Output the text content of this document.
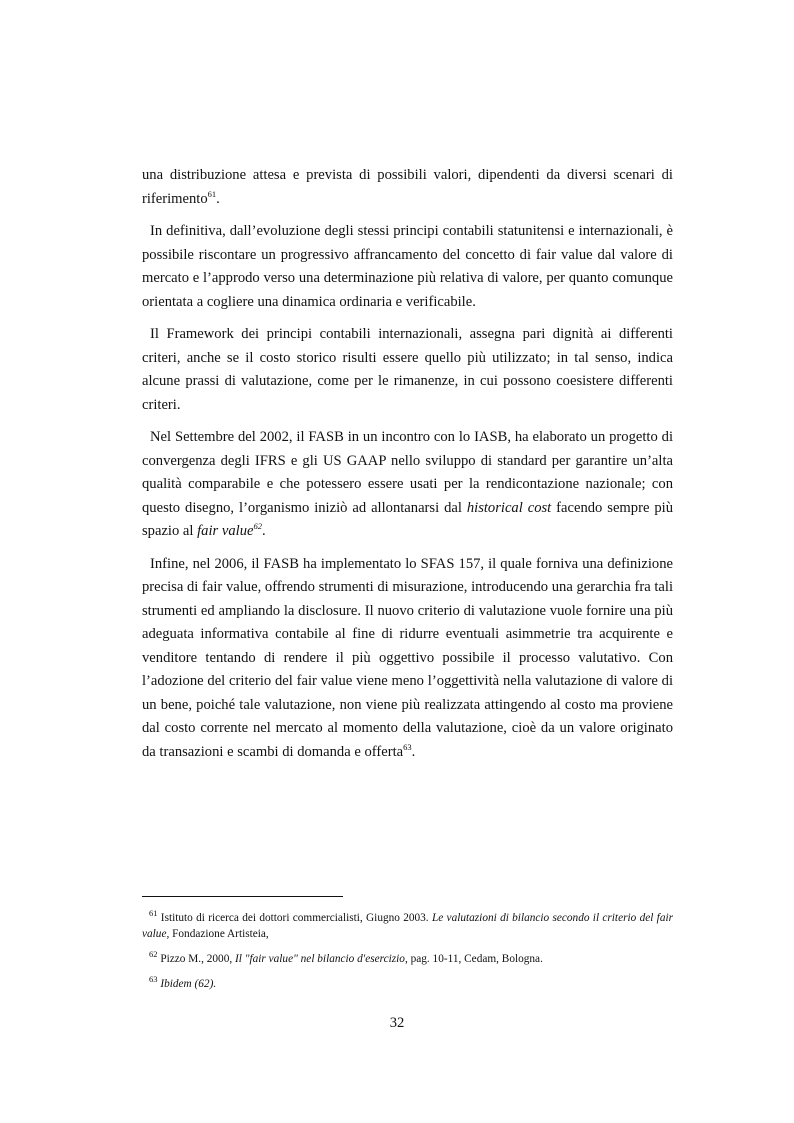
una distribuzione attesa e prevista di possibili valori, dipendenti da diversi scenari di riferimento$^{61}$.

In definitiva, dall’evoluzione degli stessi principi contabili statunitensi e internazionali, è possibile riscontare un progressivo affrancamento del concetto di fair value dal valore di mercato e l’approdo verso una determinazione più relativa di valore, per quanto comunque orientata a cogliere una dinamica ordinaria e verificabile.

Il Framework dei principi contabili internazionali, assegna pari dignità ai differenti criteri, anche se il costo storico risulti essere quello più utilizzato; in tal senso, indica alcune prassi di valutazione, come per le rimanenze, in cui possono coesistere differenti criteri.

Nel Settembre del 2002, il FASB in un incontro con lo IASB, ha elaborato un progetto di convergenza degli IFRS e gli US GAAP nello sviluppo di standard per garantire un’alta qualità comparabile e che potessero essere usati per la rendicontazione nazionale; con questo disegno, l’organismo iniziò ad allontanarsi dal historical cost facendo sempre più spazio al fair value$^{62}$.

Infine, nel 2006, il FASB ha implementato lo SFAS 157, il quale forniva una definizione precisa di fair value, offrendo strumenti di misurazione, introducendo una gerarchia fra tali strumenti ed ampliando la disclosure. Il nuovo criterio di valutazione vuole fornire una più adeguata informativa contabile al fine di ridurre eventuali asimmetrie tra acquirente e venditore tentando di rendere il più oggettivo possibile il processo valutativo. Con l’adozione del criterio del fair value viene meno l’oggettività nella valutazione di valore di un bene, poiché tale valutazione, non viene più realizzata attingendo al costo ma proviene dal costo corrente nel mercato al momento della valutazione, cioè da un valore originato da transazioni e scambi di domanda e offerta$^{63}$.

$^{61}$ Istituto di ricerca dei dottori commercialisti, Giugno 2003. Le valutazioni di bilancio secondo il criterio del fair value, Fondazione Artisteia,
$^{62}$ Pizzo M., 2000, Il "fair value" nel bilancio d'esercizio, pag. 10-11, Cedam, Bologna.
$^{63}$ Ibidem (62).
32
